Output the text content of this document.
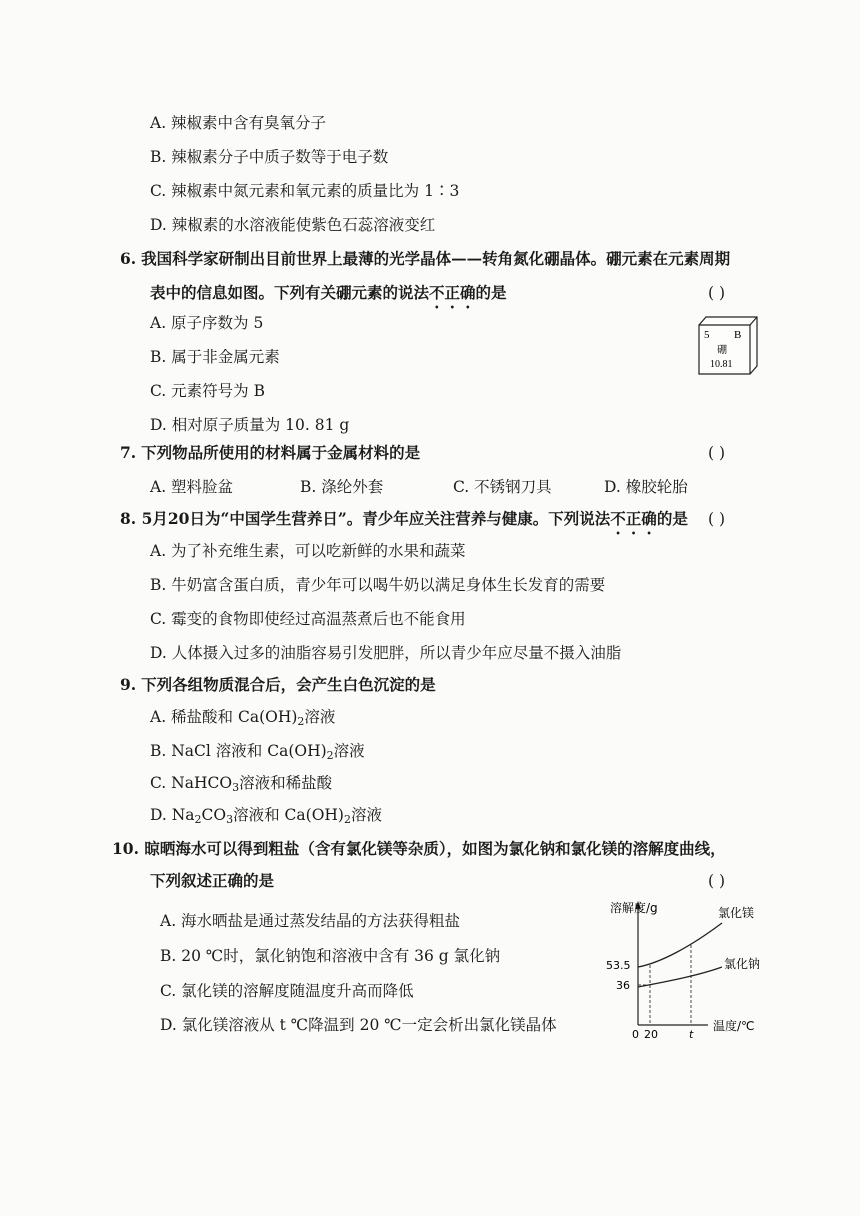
A. 辣椒素中含有臭氧分子
B. 辣椒素分子中质子数等于电子数
C. 辣椒素中氮元素和氧元素的质量比为 1∶3
D. 辣椒素的水溶液能使紫色石蕊溶液变红
6. 我国科学家研制出目前世界上最薄的光学晶体——转角氮化硼晶体。硼元素在元素周期
表中的信息如图。下列有关硼元素的说法不正确的是	( )
A. 原子序数为 5
B. 属于非金属元素
C. 元素符号为 B
D. 相对原子质量为 10. 81 g
5 B
硼
10.81
7. 下列物品所使用的材料属于金属材料的是	( )
A. 塑料脸盆	B. 涤纶外套	C. 不锈钢刀具	D. 橡胶轮胎
8. 5月20日为“中国学生营养日”。青少年应关注营养与健康。下列说法不正确的是 ( )
A. 为了补充维生素，可以吃新鲜的水果和蔬菜
B. 牛奶富含蛋白质，青少年可以喝牛奶以满足身体生长发育的需要
C. 霉变的食物即使经过高温蒸煮后也不能食用
D. 人体摄入过多的油脂容易引发肥胖，所以青少年应尽量不摄入油脂
9. 下列各组物质混合后，会产生白色沉淀的是
A. 稀盐酸和 $Ca(OH)_2$溶液
B. NaCl 溶液和 $Ca(OH)_2$溶液
C. NaHCO$_3$溶液和稀盐酸
D. $Na_2CO_3$溶液和 $Ca(OH)_2$溶液
10. 晾晒海水可以得到粗盐（含有氯化镁等杂质），如图为氯化钠和氯化镁的溶解度曲线，
下列叙述正确的是	( )
A. 海水晒盐是通过蒸发结晶的方法获得粗盐
B. 20 ℃时，氯化钠饱和溶液中含有 36 g 氯化钠
C. 氯化镁的溶解度随温度升高而降低
D. 氯化镁溶液从 t ℃降温到 20 ℃一定会析出氯化镁晶体
溶解度/g
温度/℃
0 20	t
53.5
36
氯化镁
氯化钠
